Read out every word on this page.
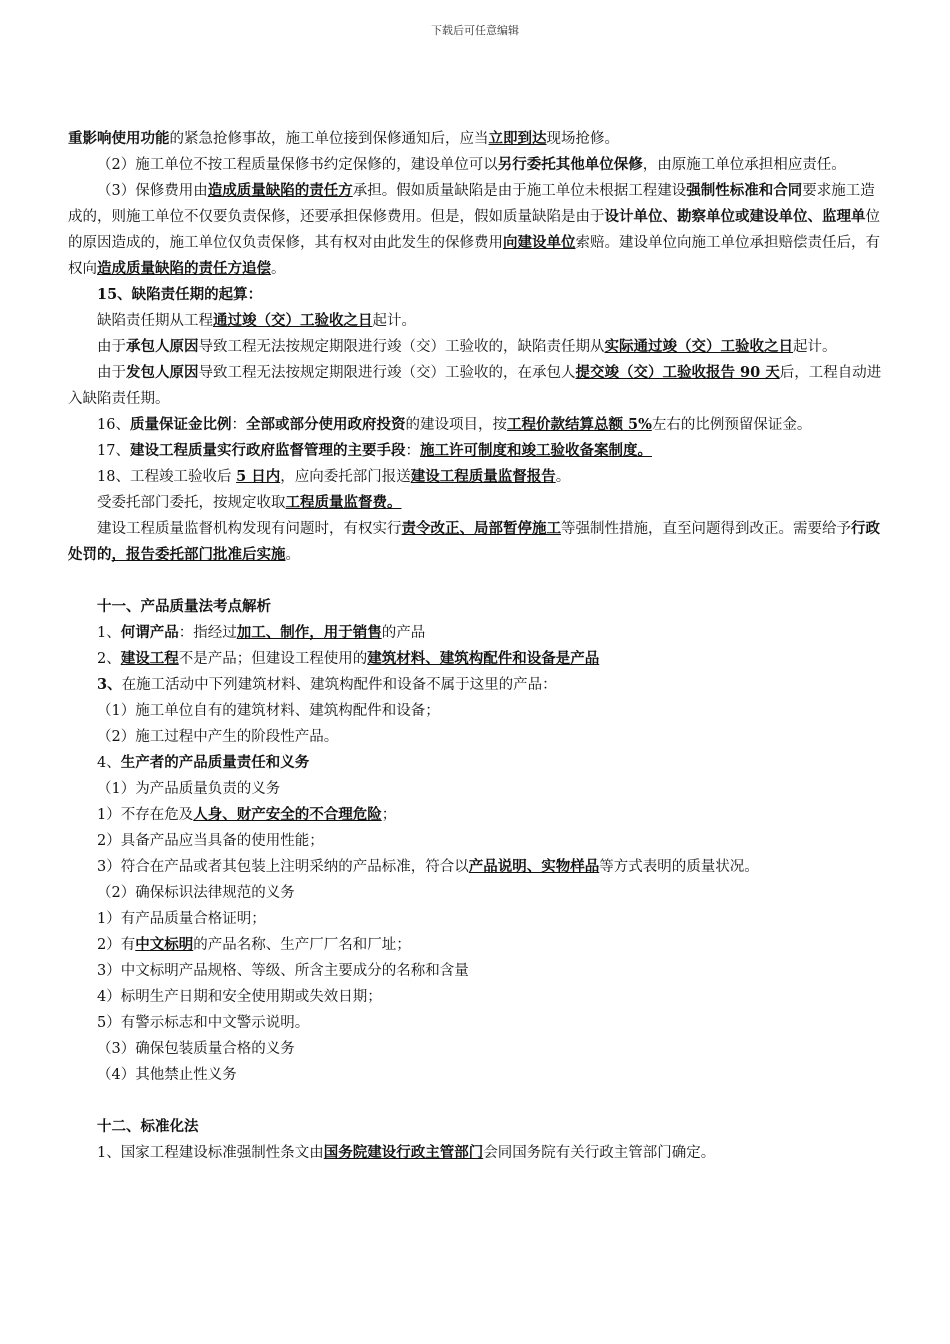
下载后可任意编辑

重影响使用功能的紧急抢修事故，施工单位接到保修通知后，应当立即到达现场抢修。

（2）施工单位不按工程质量保修书约定保修的，建设单位可以另行委托其他单位保修，由原施工单位承担相应责任。

（3）保修费用由造成质量缺陷的责任方承担。假如质量缺陷是由于施工单位未根据工程建设强制性标准和合同要求施工造成的，则施工单位不仅要负责保修，还要承担保修费用。但是，假如质量缺陷是由于设计单位、勘察单位或建设单位、监理单位的原因造成的，施工单位仅负责保修，其有权对由此发生的保修费用向建设单位索赔。建设单位向施工单位承担赔偿责任后，有权向造成质量缺陷的责任方追偿。

15、缺陷责任期的起算：

缺陷责任期从工程通过竣（交）工验收之日起计。

由于承包人原因导致工程无法按规定期限进行竣（交）工验收的，缺陷责任期从实际通过竣（交）工验收之日起计。

由于发包人原因导致工程无法按规定期限进行竣（交）工验收的，在承包人提交竣（交）工验收报告 90 天后，工程自动进入缺陷责任期。

16、质量保证金比例：全部或部分使用政府投资的建设项目，按工程价款结算总额 5%左右的比例预留保证金。

17、建设工程质量实行政府监督管理的主要手段：施工许可制度和竣工验收备案制度。

18、工程竣工验收后 5 日内，应向委托部门报送建设工程质量监督报告。

受委托部门委托，按规定收取工程质量监督费。

建设工程质量监督机构发现有问题时，有权实行责令改正、局部暂停施工等强制性措施，直至问题得到改正。需要给予行政处罚的，报告委托部门批准后实施。

十一、产品质量法考点解析

1、何谓产品：指经过加工、制作，用于销售的产品

2、建设工程不是产品；但建设工程使用的建筑材料、建筑构配件和设备是产品

3、在施工活动中下列建筑材料、建筑构配件和设备不属于这里的产品：

（1）施工单位自有的建筑材料、建筑构配件和设备；

（2）施工过程中产生的阶段性产品。

4、生产者的产品质量责任和义务

（1）为产品质量负责的义务

1）不存在危及人身、财产安全的不合理危险；

2）具备产品应当具备的使用性能；

3）符合在产品或者其包装上注明采纳的产品标准，符合以产品说明、实物样品等方式表明的质量状况。

（2）确保标识法律规范的义务

1）有产品质量合格证明；

2）有中文标明的产品名称、生产厂厂名和厂址；

3）中文标明产品规格、等级、所含主要成分的名称和含量

4）标明生产日期和安全使用期或失效日期；

5）有警示标志和中文警示说明。

（3）确保包装质量合格的义务

（4）其他禁止性义务

十二、标准化法

1、国家工程建设标准强制性条文由国务院建设行政主管部门会同国务院有关行政主管部门确定。
